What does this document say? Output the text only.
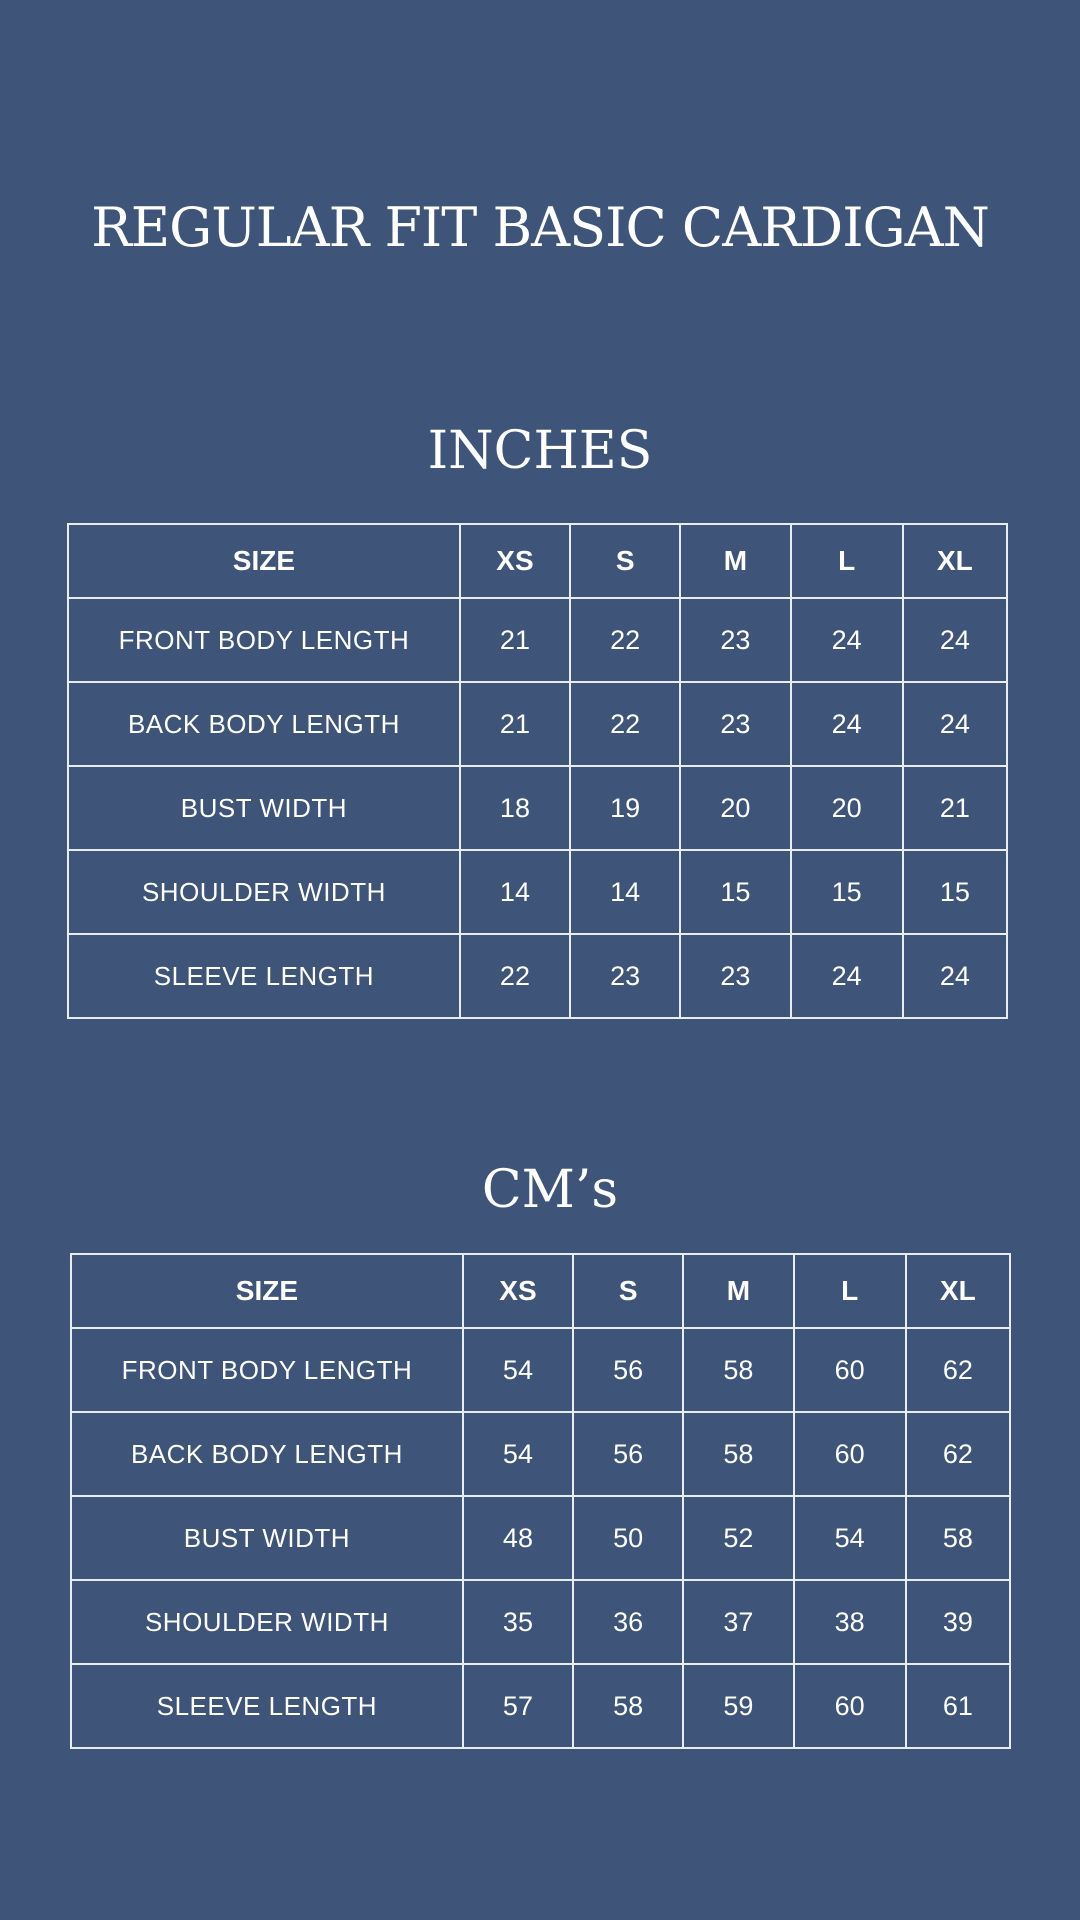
REGULAR FIT BASIC CARDIGAN
INCHES
SIZE	XS	S	M	L	XL
FRONT BODY LENGTH	21	22	23	24	24
BACK BODY LENGTH	21	22	23	24	24
BUST WIDTH	18	19	20	20	21
SHOULDER WIDTH	14	14	15	15	15
SLEEVE LENGTH	22	23	23	24	24
CM’s
SIZE	XS	S	M	L	XL
FRONT BODY LENGTH	54	56	58	60	62
BACK BODY LENGTH	54	56	58	60	62
BUST WIDTH	48	50	52	54	58
SHOULDER WIDTH	35	36	37	38	39
SLEEVE LENGTH	57	58	59	60	61
